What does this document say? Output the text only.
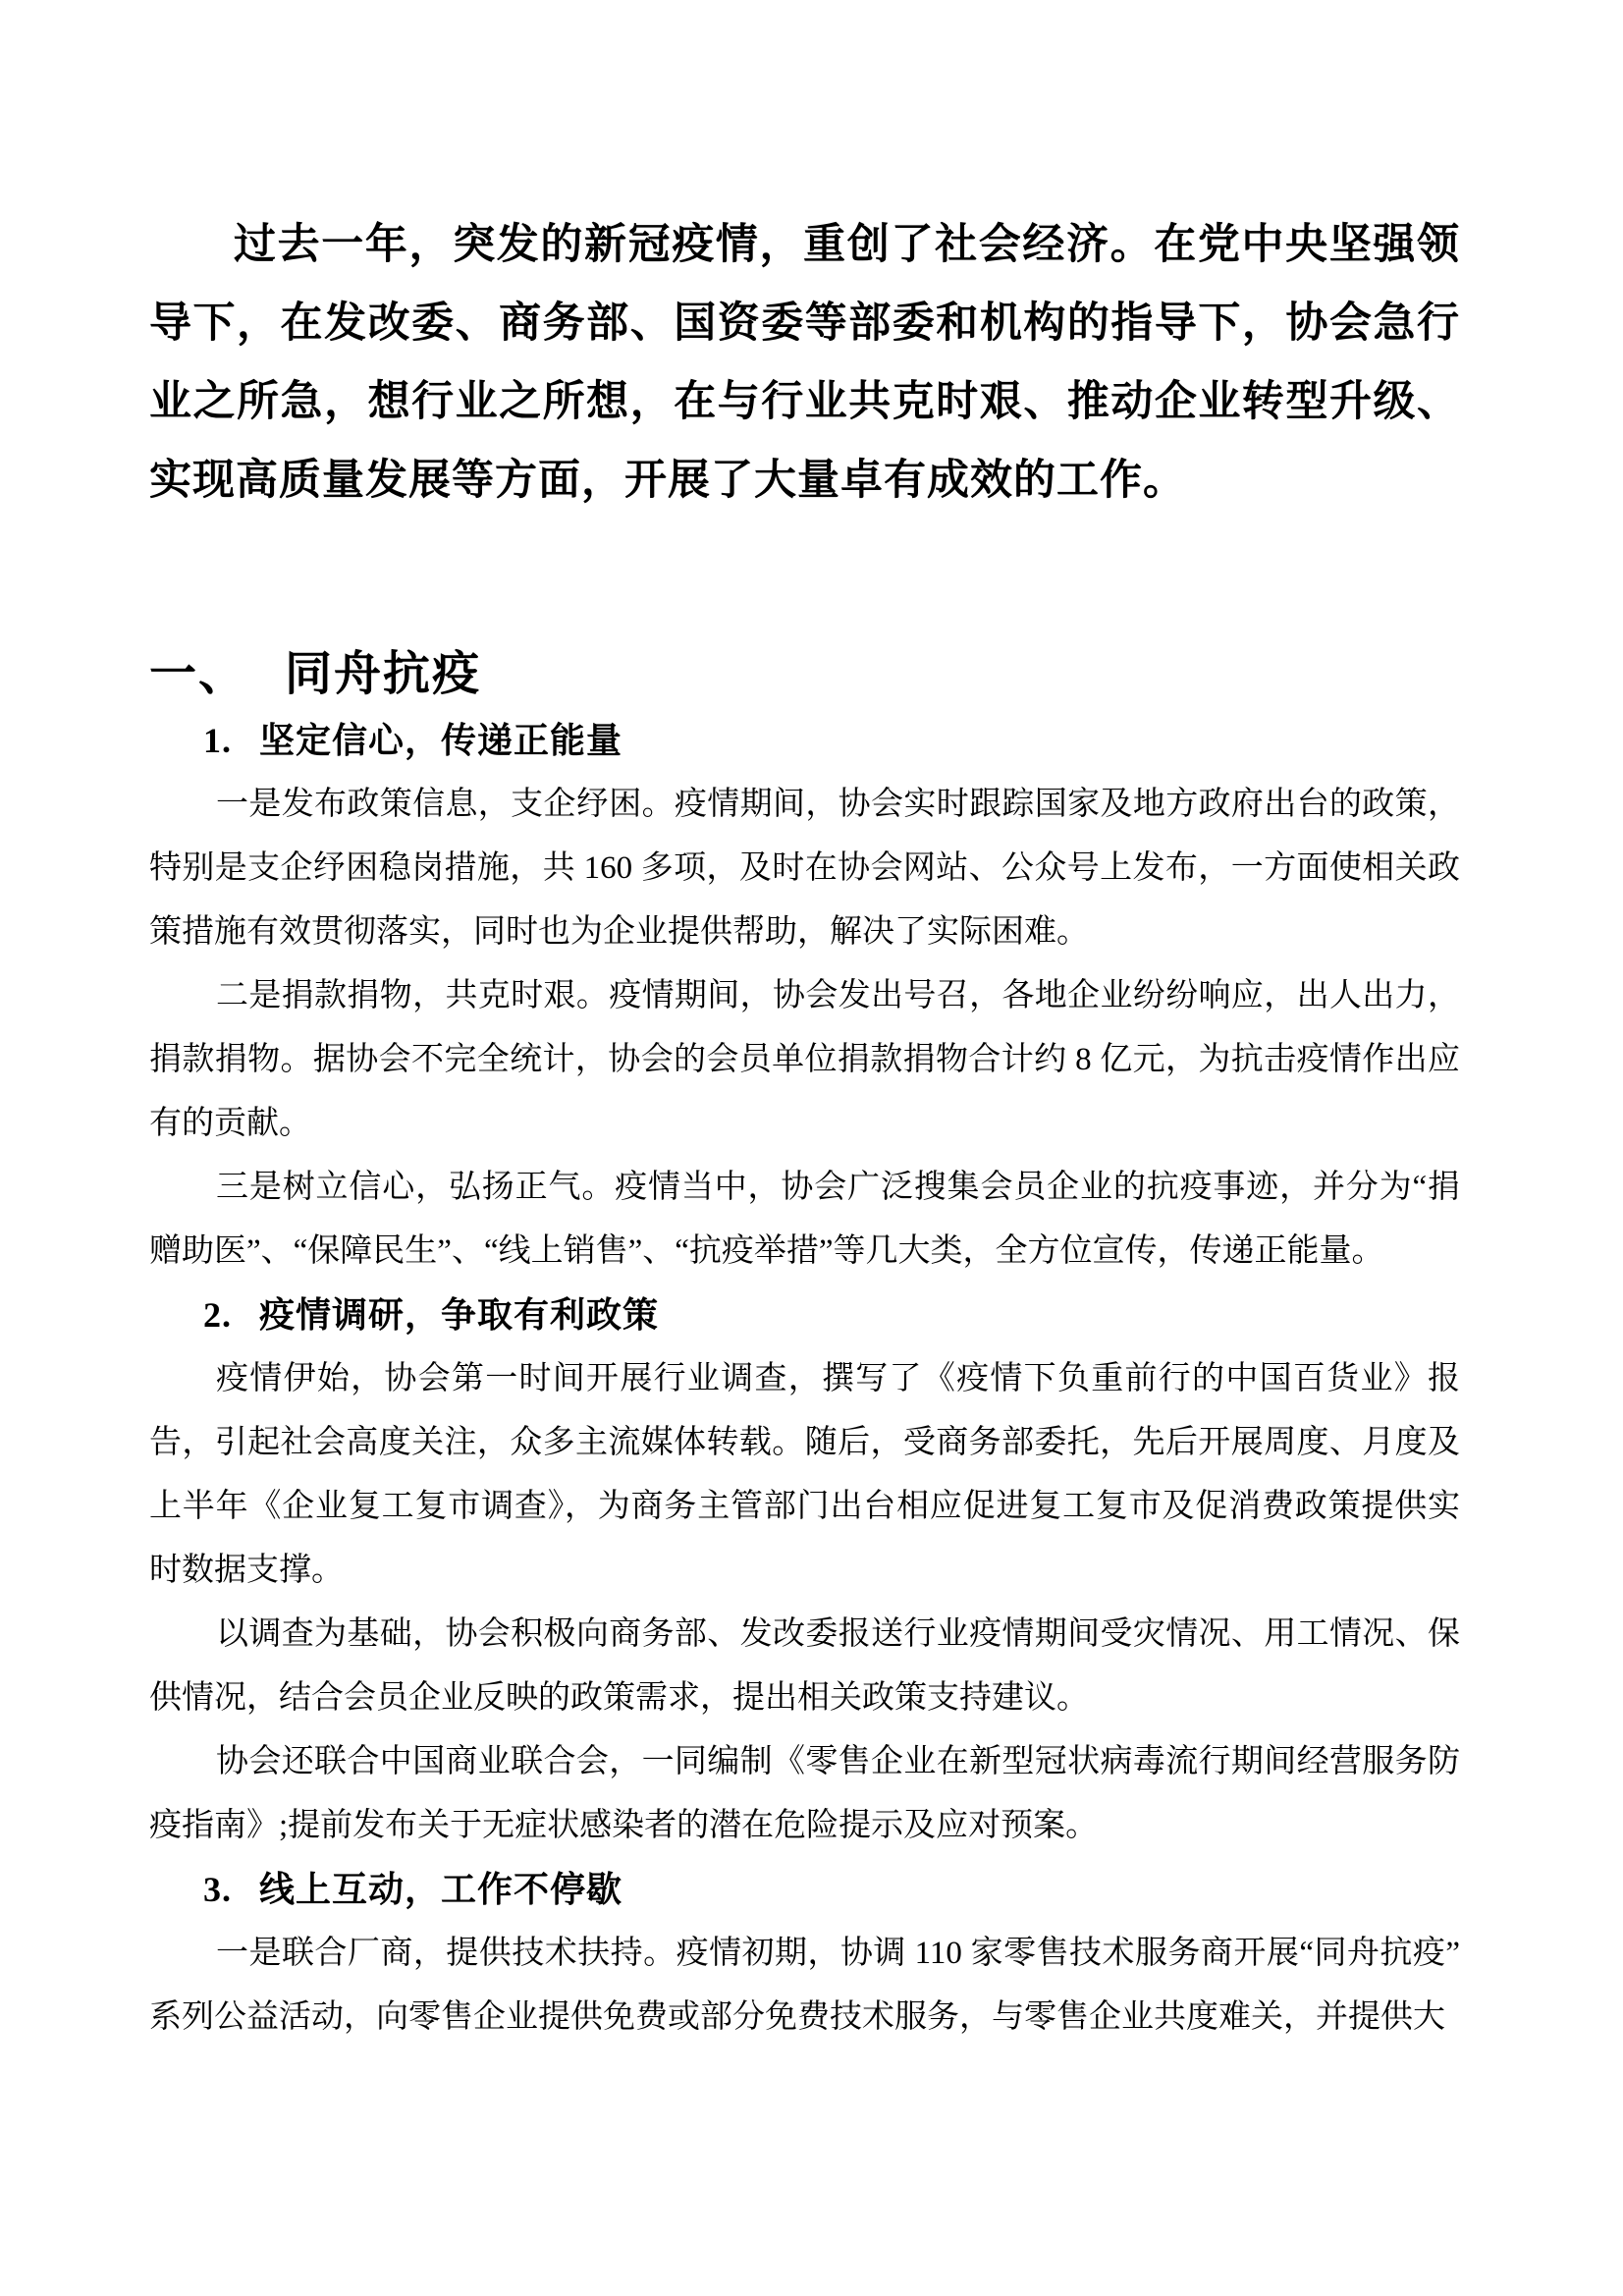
过去一年，突发的新冠疫情，重创了社会经济。在党中央坚强领导下，在发改委、商务部、国资委等部委和机构的指导下，协会急行业之所急，想行业之所想，在与行业共克时艰、推动企业转型升级、实现高质量发展等方面，开展了大量卓有成效的工作。

一、 同舟抗疫
1. 坚定信心，传递正能量

一是发布政策信息，支企纾困。疫情期间，协会实时跟踪国家及地方政府出台的政策，特别是支企纾困稳岗措施，共 160 多项，及时在协会网站、公众号上发布，一方面使相关政策措施有效贯彻落实，同时也为企业提供帮助，解决了实际困难。

二是捐款捐物，共克时艰。疫情期间，协会发出号召，各地企业纷纷响应，出人出力，捐款捐物。据协会不完全统计，协会的会员单位捐款捐物合计约 8 亿元，为抗击疫情作出应有的贡献。

三是树立信心，弘扬正气。疫情当中，协会广泛搜集会员企业的抗疫事迹，并分为“捐赠助医”、“保障民生”、“线上销售”、“抗疫举措”等几大类，全方位宣传，传递正能量。

2. 疫情调研，争取有利政策

疫情伊始，协会第一时间开展行业调查，撰写了《疫情下负重前行的中国百货业》报告，引起社会高度关注，众多主流媒体转载。随后，受商务部委托，先后开展周度、月度及上半年《企业复工复市调查》，为商务主管部门出台相应促进复工复市及促消费政策提供实时数据支撑。

以调查为基础，协会积极向商务部、发改委报送行业疫情期间受灾情况、用工情况、保供情况，结合会员企业反映的政策需求，提出相关政策支持建议。

协会还联合中国商业联合会，一同编制《零售企业在新型冠状病毒流行期间经营服务防疫指南》;提前发布关于无症状感染者的潜在危险提示及应对预案。

3. 线上互动，工作不停歇

一是联合厂商，提供技术扶持。疫情初期，协调 110 家零售技术服务商开展“同舟抗疫”系列公益活动，向零售企业提供免费或部分免费技术服务，与零售企业共度难关，并提供大
